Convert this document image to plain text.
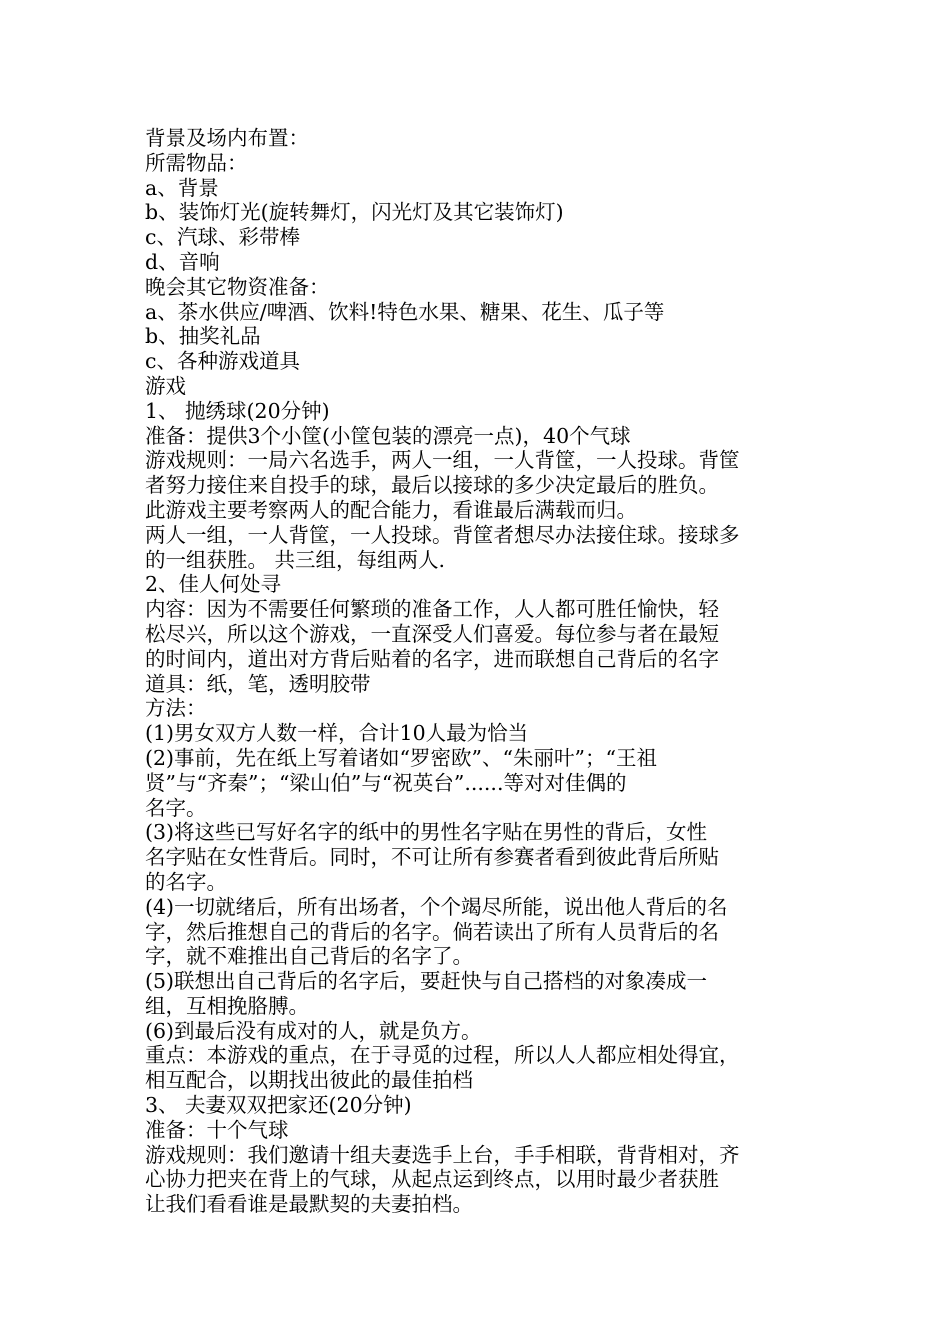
背景及场内布置：
所需物品：
a、背景
b、装饰灯光(旋转舞灯，闪光灯及其它装饰灯)
c、汽球、彩带棒
d、音响
晚会其它物资准备：
a、茶水供应/啤酒、饮料!特色水果、糖果、花生、瓜子等
b、抽奖礼品
c、各种游戏道具
游戏
1、 抛绣球(20分钟)
准备：提供3个小筐(小筐包装的漂亮一点)，40个气球
游戏规则：一局六名选手，两人一组，一人背筐，一人投球。背筐
者努力接住来自投手的球，最后以接球的多少决定最后的胜负。
此游戏主要考察两人的配合能力，看谁最后满载而归。
两人一组，一人背筐，一人投球。背筐者想尽办法接住球。接球多
的一组获胜。 共三组，每组两人.
2、佳人何处寻
内容：因为不需要任何繁琐的准备工作，人人都可胜任愉快，轻
松尽兴，所以这个游戏，一直深受人们喜爱。每位参与者在最短
的时间内，道出对方背后贴着的名字，进而联想自己背后的名字
道具：纸，笔，透明胶带
方法：
(1)男女双方人数一样，合计10人最为恰当
(2)事前，先在纸上写着诸如“罗密欧”、“朱丽叶”；“王祖
贤”与“齐秦”；“梁山伯”与“祝英台”......等对对佳偶的
名字。
(3)将这些已写好名字的纸中的男性名字贴在男性的背后，女性
名字贴在女性背后。同时，不可让所有参赛者看到彼此背后所贴
的名字。
(4)一切就绪后，所有出场者，个个竭尽所能，说出他人背后的名
字，然后推想自己的背后的名字。倘若读出了所有人员背后的名
字，就不难推出自己背后的名字了。
(5)联想出自己背后的名字后，要赶快与自己搭档的对象凑成一
组，互相挽胳膊。
(6)到最后没有成对的人，就是负方。
重点：本游戏的重点，在于寻觅的过程，所以人人都应相处得宜，
相互配合，以期找出彼此的最佳拍档
3、 夫妻双双把家还(20分钟)
准备：十个气球
游戏规则：我们邀请十组夫妻选手上台，手手相联，背背相对，齐
心协力把夹在背上的气球，从起点运到终点，以用时最少者获胜
让我们看看谁是最默契的夫妻拍档。
